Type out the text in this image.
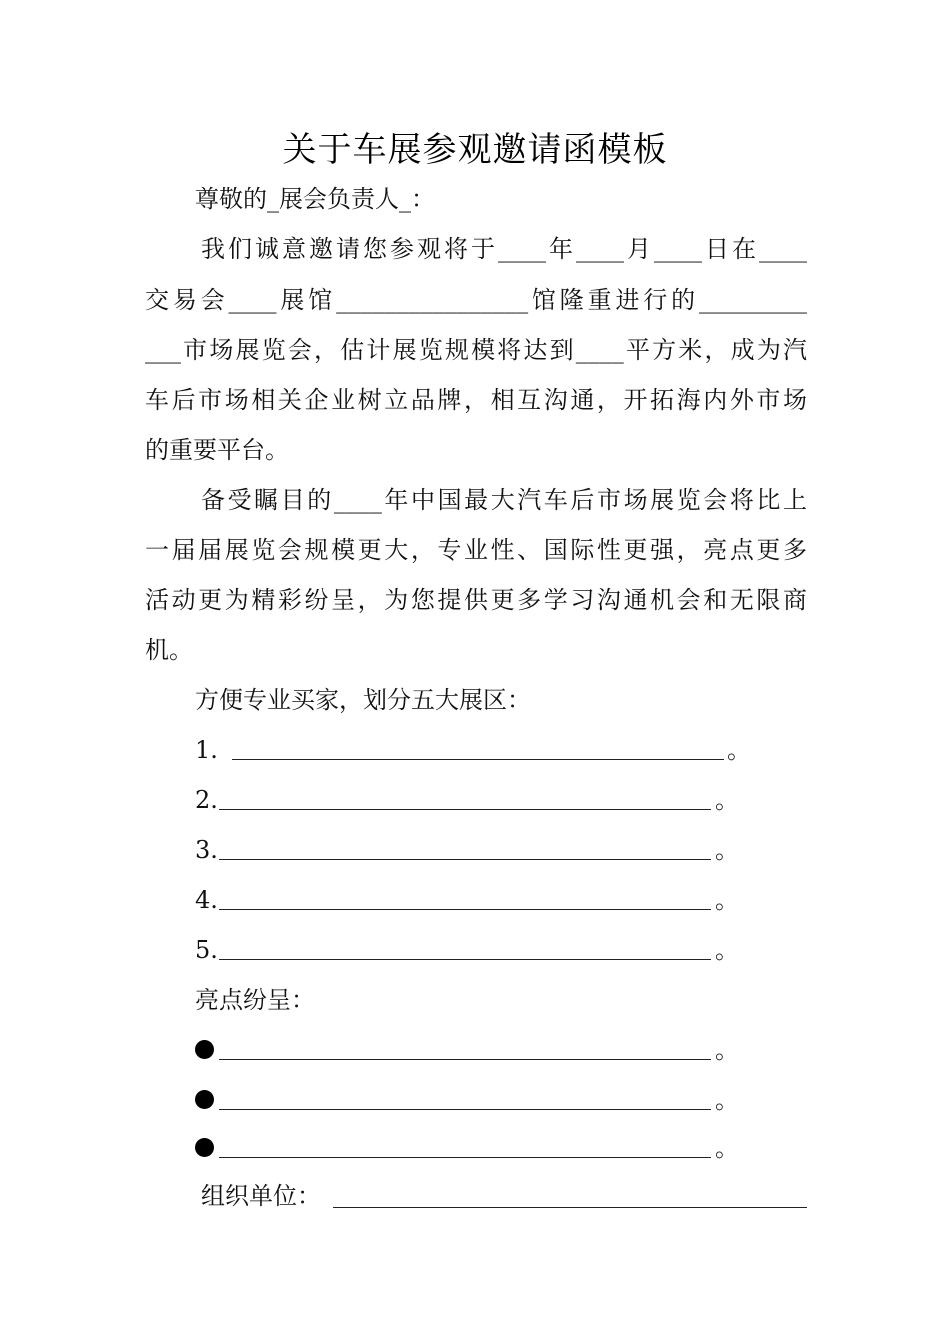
关于车展参观邀请函模板
尊敬的_展会负责人_：
我们诚意邀请您参观将于____年____月____日在____
交易会____展馆________________馆隆重进行的_________
___市场展览会，估计展览规模将达到____平方米，成为汽
车后市场相关企业树立品牌，相互沟通，开拓海内外市场
的重要平台。
备受瞩目的____年中国最大汽车后市场展览会将比上
一届届展览会规模更大，专业性、国际性更强，亮点更多
活动更为精彩纷呈，为您提供更多学习沟通机会和无限商
机。
方便专业买家，划分五大展区：
1.	。
2.	。
3.	。
4.	。
5.	。
亮点纷呈：
。
。
。
组织单位：
